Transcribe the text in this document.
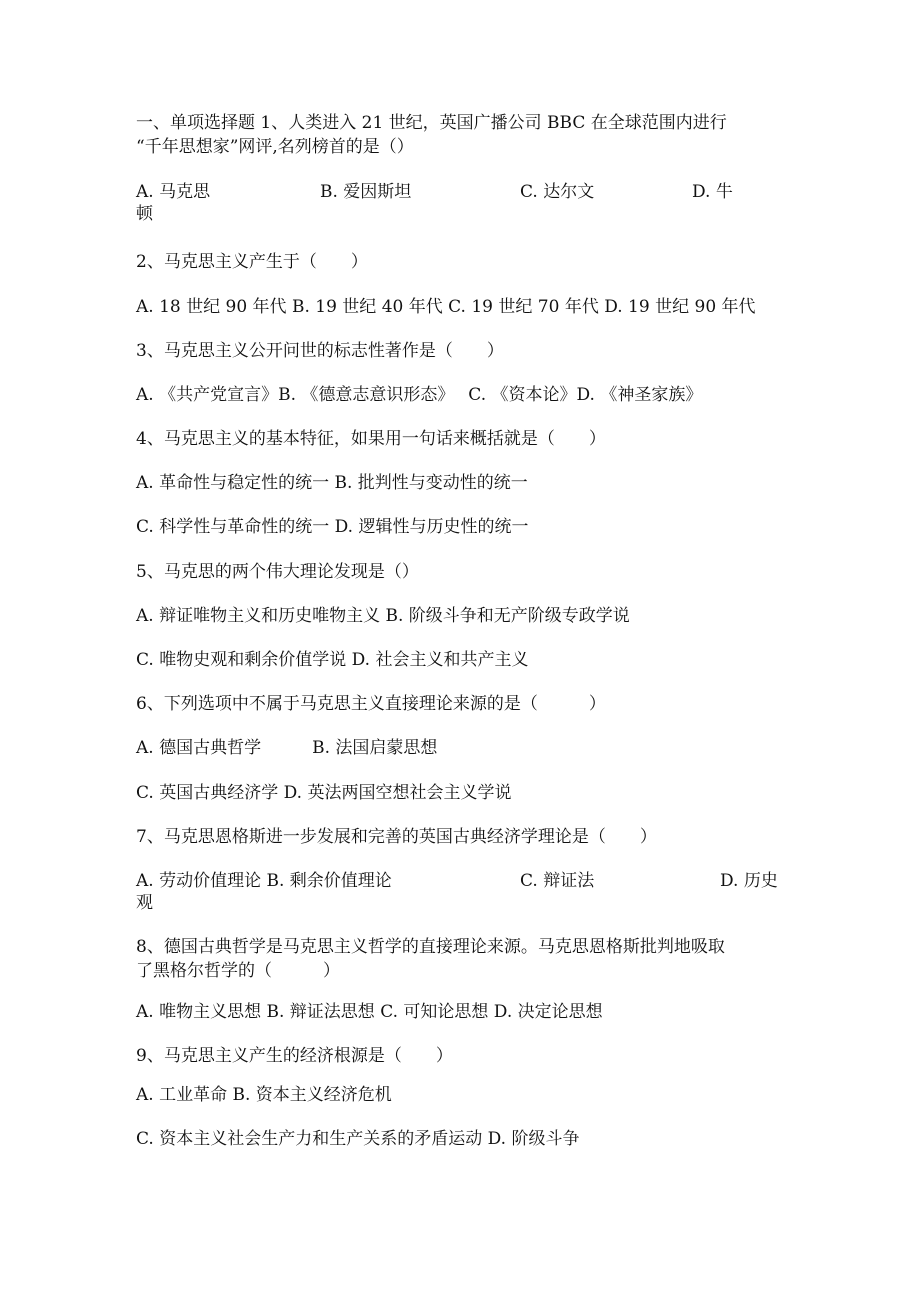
一、单项选择题 1、人类进入 21 世纪，英国广播公司 BBC 在全球范围内进行
“千年思想家”网评,名列榜首的是（）
A. 马克思	B. 爱因斯坦	C. 达尔文	D. 牛
顿
2、马克思主义产生于（　　）
A. 18 世纪 90 年代 B. 19 世纪 40 年代 C. 19 世纪 70 年代 D. 19 世纪 90 年代
3、马克思主义公开问世的标志性著作是（　　）
A. 《共产党宣言》B. 《德意志意识形态》　 C. 《资本论》D. 《神圣家族》
4、马克思主义的基本特征，如果用一句话来概括就是（　　）
A. 革命性与稳定性的统一 B. 批判性与变动性的统一
C. 科学性与革命性的统一 D. 逻辑性与历史性的统一
5、马克思的两个伟大理论发现是（）
A. 辩证唯物主义和历史唯物主义 B. 阶级斗争和无产阶级专政学说
C. 唯物史观和剩余价值学说 D. 社会主义和共产主义
6、下列选项中不属于马克思主义直接理论来源的是（　　　）
A. 德国古典哲学　　　B. 法国启蒙思想
C. 英国古典经济学 D. 英法两国空想社会主义学说
7、马克思恩格斯进一步发展和完善的英国古典经济学理论是（　　）
A. 劳动价值理论 B. 剩余价值理论	C. 辩证法	D. 历史
观
8、德国古典哲学是马克思主义哲学的直接理论来源。马克思恩格斯批判地吸取
了黑格尔哲学的（　　　）
A. 唯物主义思想 B. 辩证法思想 C. 可知论思想 D. 决定论思想
9、马克思主义产生的经济根源是（　　）
A. 工业革命 B. 资本主义经济危机
C. 资本主义社会生产力和生产关系的矛盾运动 D. 阶级斗争
